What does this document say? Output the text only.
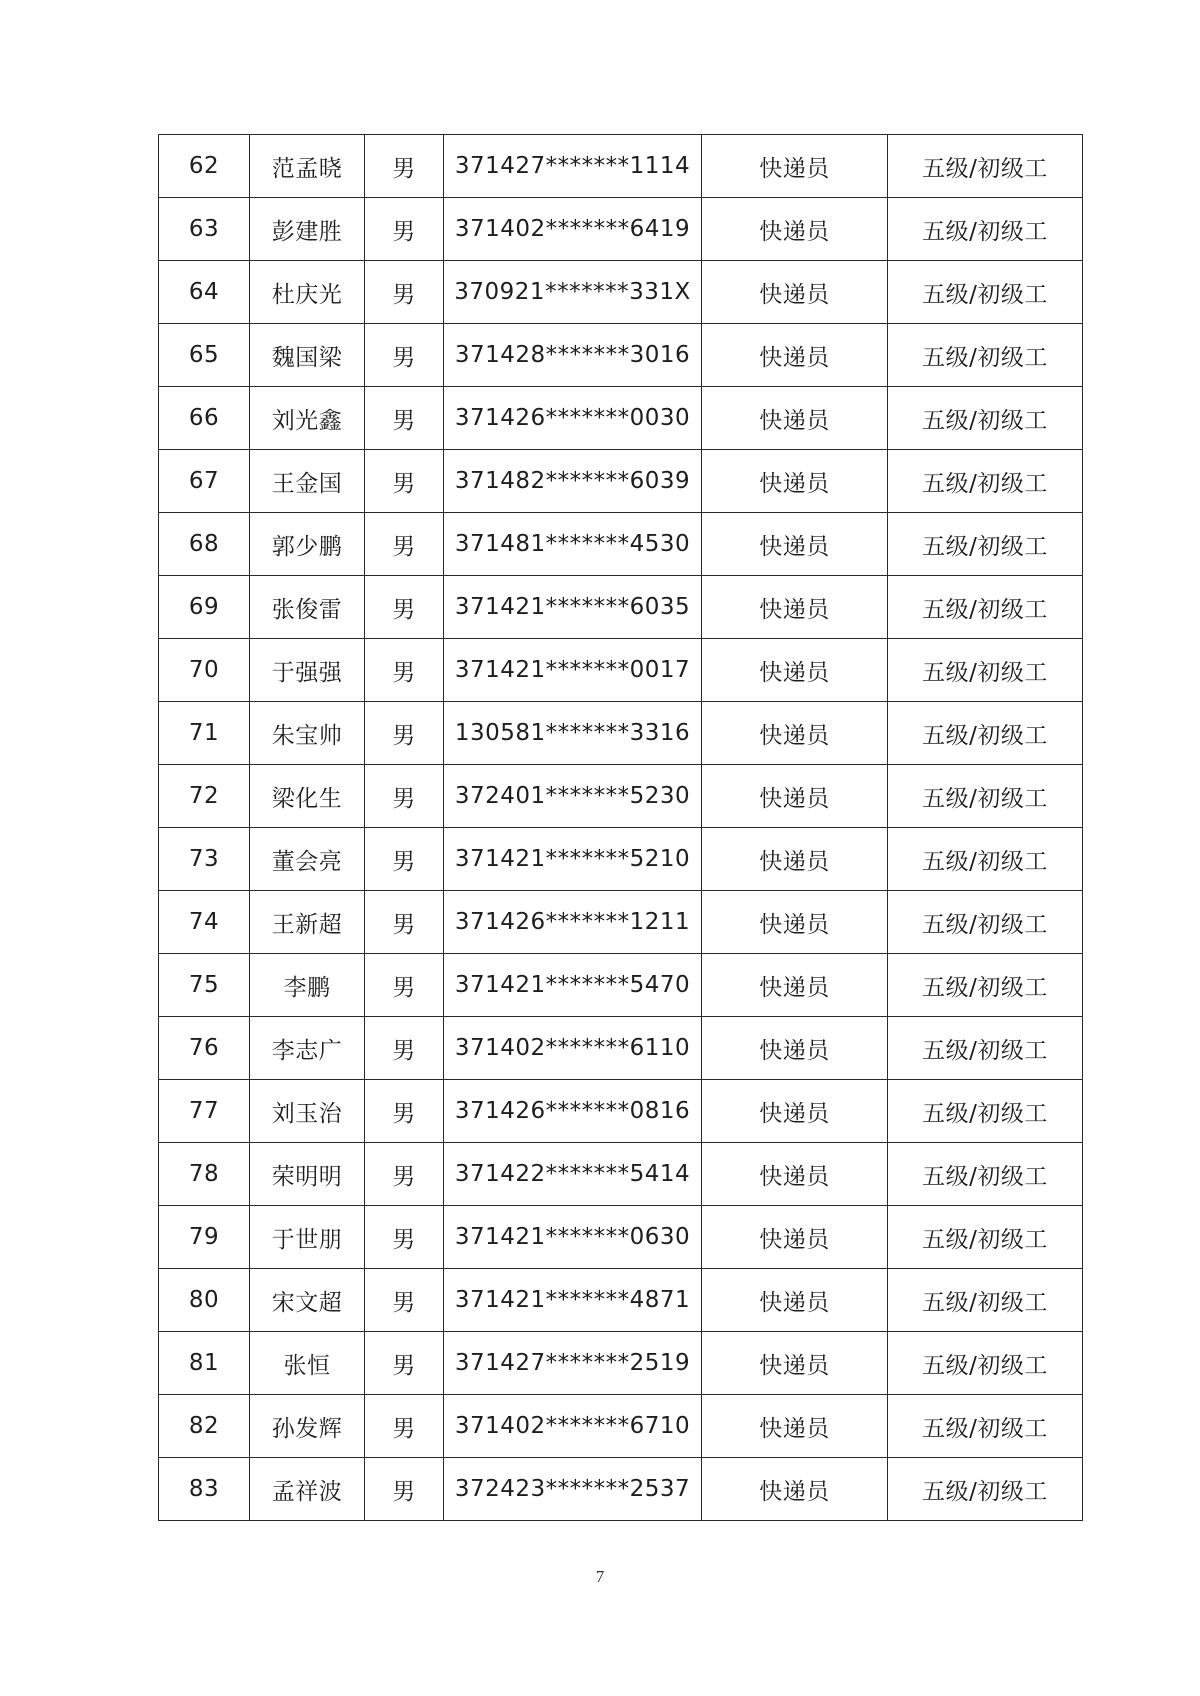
62	范孟晓	男	371427*******1114	快递员	五级/初级工
63	彭建胜	男	371402*******6419	快递员	五级/初级工
64	杜庆光	男	370921*******331X	快递员	五级/初级工
65	魏国梁	男	371428*******3016	快递员	五级/初级工
66	刘光鑫	男	371426*******0030	快递员	五级/初级工
67	王金国	男	371482*******6039	快递员	五级/初级工
68	郭少鹏	男	371481*******4530	快递员	五级/初级工
69	张俊雷	男	371421*******6035	快递员	五级/初级工
70	于强强	男	371421*******0017	快递员	五级/初级工
71	朱宝帅	男	130581*******3316	快递员	五级/初级工
72	梁化生	男	372401*******5230	快递员	五级/初级工
73	董会亮	男	371421*******5210	快递员	五级/初级工
74	王新超	男	371426*******1211	快递员	五级/初级工
75	李鹏	男	371421*******5470	快递员	五级/初级工
76	李志广	男	371402*******6110	快递员	五级/初级工
77	刘玉治	男	371426*******0816	快递员	五级/初级工
78	荣明明	男	371422*******5414	快递员	五级/初级工
79	于世朋	男	371421*******0630	快递员	五级/初级工
80	宋文超	男	371421*******4871	快递员	五级/初级工
81	张恒	男	371427*******2519	快递员	五级/初级工
82	孙发辉	男	371402*******6710	快递员	五级/初级工
83	孟祥波	男	372423*******2537	快递员	五级/初级工
7
